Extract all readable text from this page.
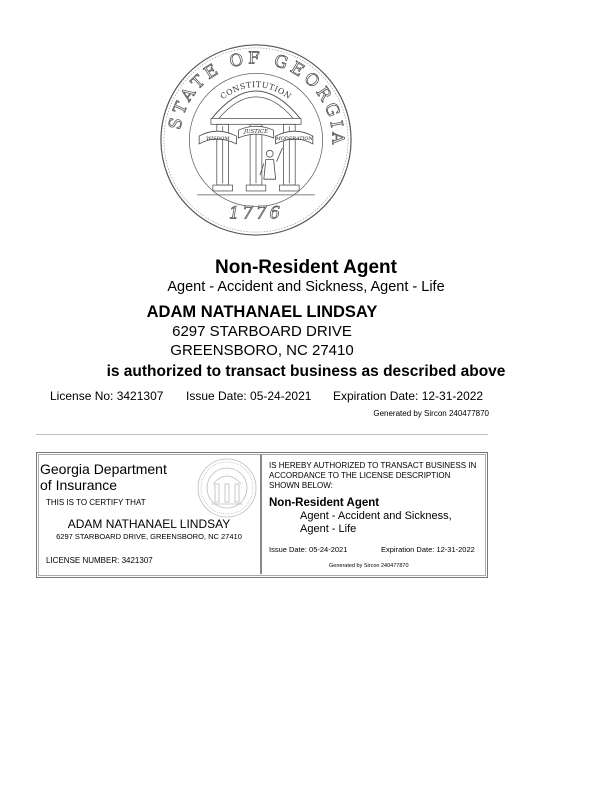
STATE OF GEORGIA
CONSTITUTION
WISDOM
JUSTICE
MODERATION
1776
Non-Resident Agent
Agent - Accident and Sickness, Agent - Life
ADAM NATHANAEL LINDSAY
6297 STARBOARD DRIVE
GREENSBORO, NC 27410
is authorized to transact business as described above
License No: 3421307 Issue Date: 05-24-2021 Expiration Date: 12-31-2022
Generated by Sircon 240477870
Georgia Department
of Insurance
THIS IS TO CERTIFY THAT
ADAM NATHANAEL LINDSAY
6297 STARBOARD DRIVE, GREENSBORO, NC 27410
LICENSE NUMBER: 3421307
IS HEREBY AUTHORIZED TO TRANSACT BUSINESS IN ACCORDANCE TO THE LICENSE DESCRIPTION SHOWN BELOW:
Non-Resident Agent
Agent - Accident and Sickness,
Agent - Life
Issue Date: 05-24-2021	Expiration Date: 12-31-2022
Generated by Sircon 240477870
